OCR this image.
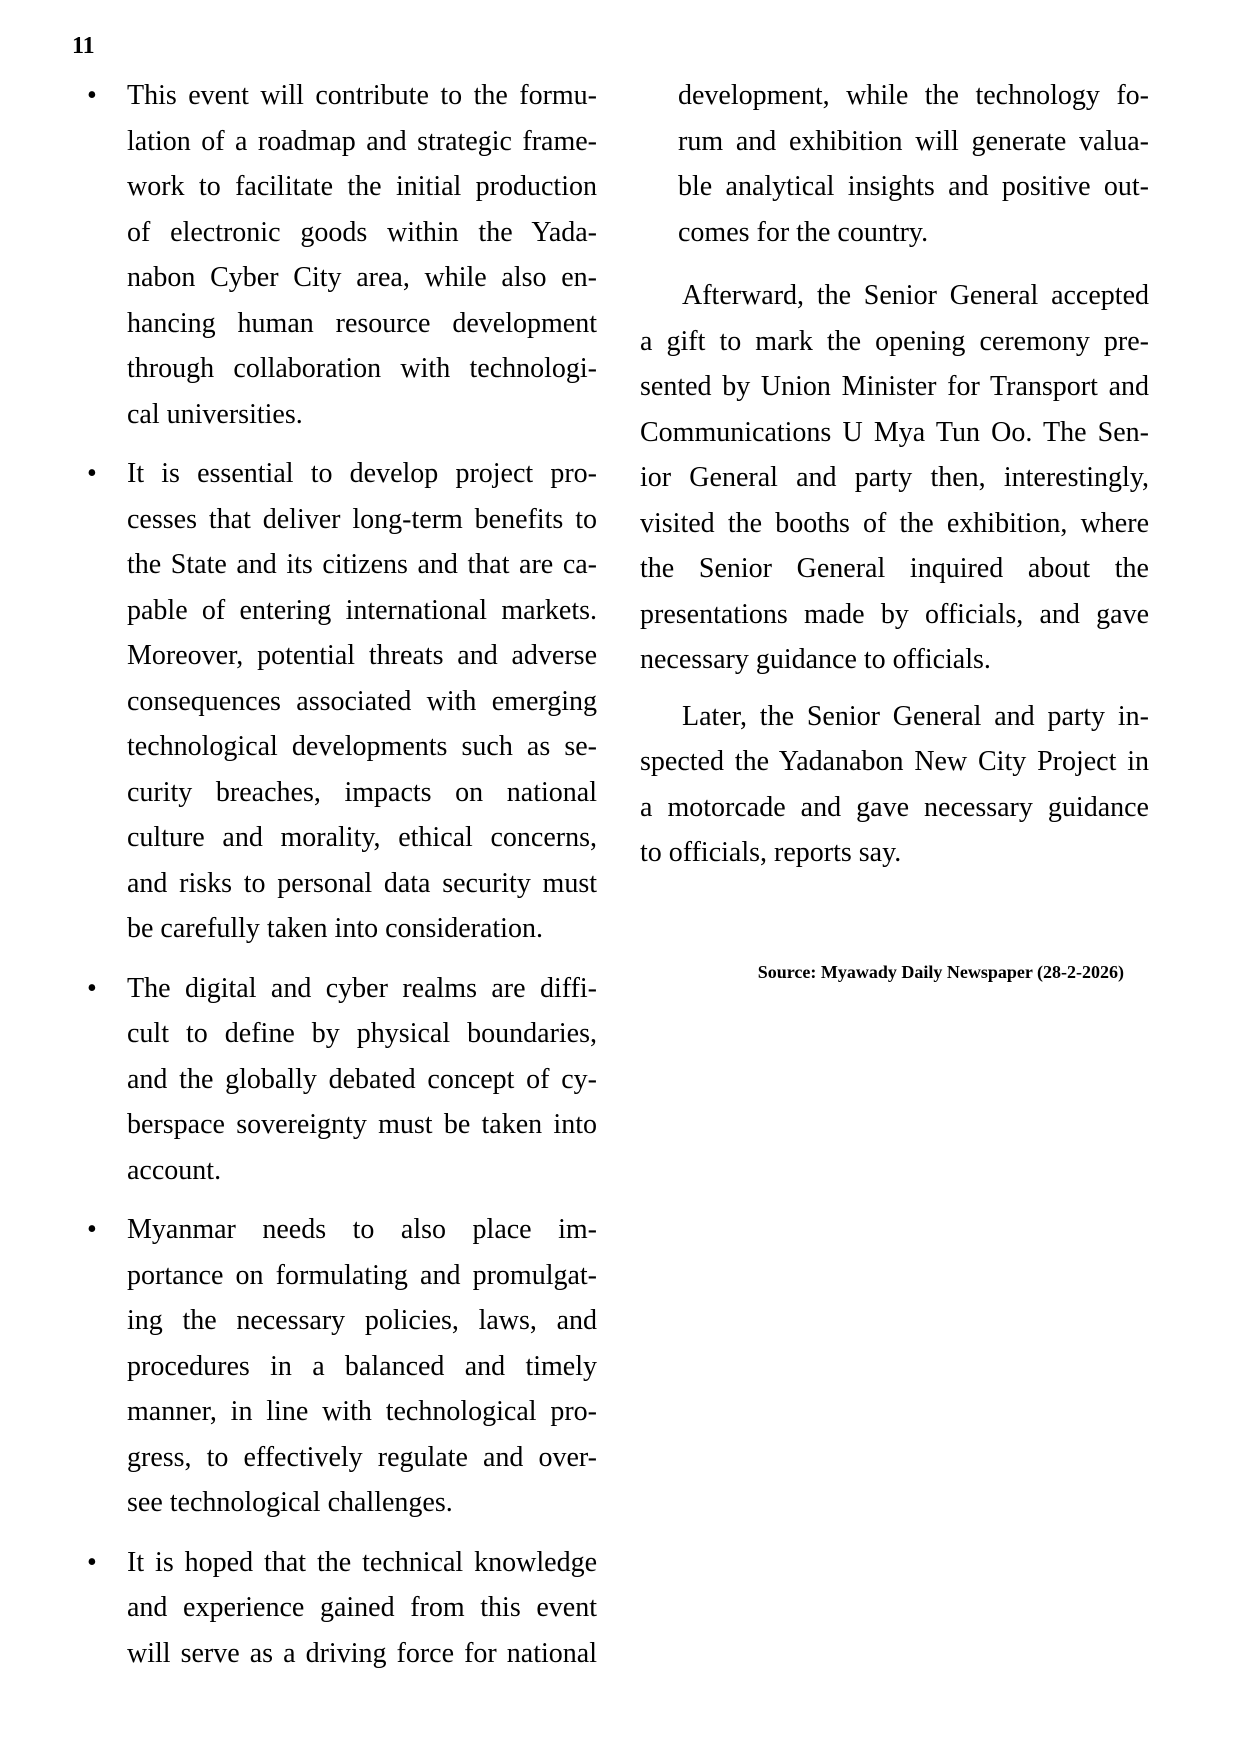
11
•	This event will contribute to the formu-
lation of a roadmap and strategic frame-
work to facilitate the initial production
of electronic goods within the Yada-
nabon Cyber City area, while also en-
hancing human resource development
through collaboration with technologi-
cal universities.
•	It is essential to develop project pro-
cesses that deliver long-term benefits to
the State and its citizens and that are ca-
pable of entering international markets.
Moreover, potential threats and adverse
consequences associated with emerging
technological developments such as se-
curity breaches, impacts on national
culture and morality, ethical concerns,
and risks to personal data security must
be carefully taken into consideration.
•	The digital and cyber realms are diffi-
cult to define by physical boundaries,
and the globally debated concept of cy-
berspace sovereignty must be taken into
account.
•	Myanmar needs to also place im-
portance on formulating and promulgat-
ing the necessary policies, laws, and
procedures in a balanced and timely
manner, in line with technological pro-
gress, to effectively regulate and over-
see technological challenges.
•	It is hoped that the technical knowledge
and experience gained from this event
will serve as a driving force for national
development, while the technology fo-
rum and exhibition will generate valua-
ble analytical insights and positive out-
comes for the country.
Afterward, the Senior General accepted
a gift to mark the opening ceremony pre-
sented by Union Minister for Transport and
Communications U Mya Tun Oo. The Sen-
ior General and party then, interestingly,
visited the booths of the exhibition, where
the Senior General inquired about the
presentations made by officials, and gave
necessary guidance to officials.
Later, the Senior General and party in-
spected the Yadanabon New City Project in
a motorcade and gave necessary guidance
to officials, reports say.
Source: Myawady Daily Newspaper (28-2-2026)
